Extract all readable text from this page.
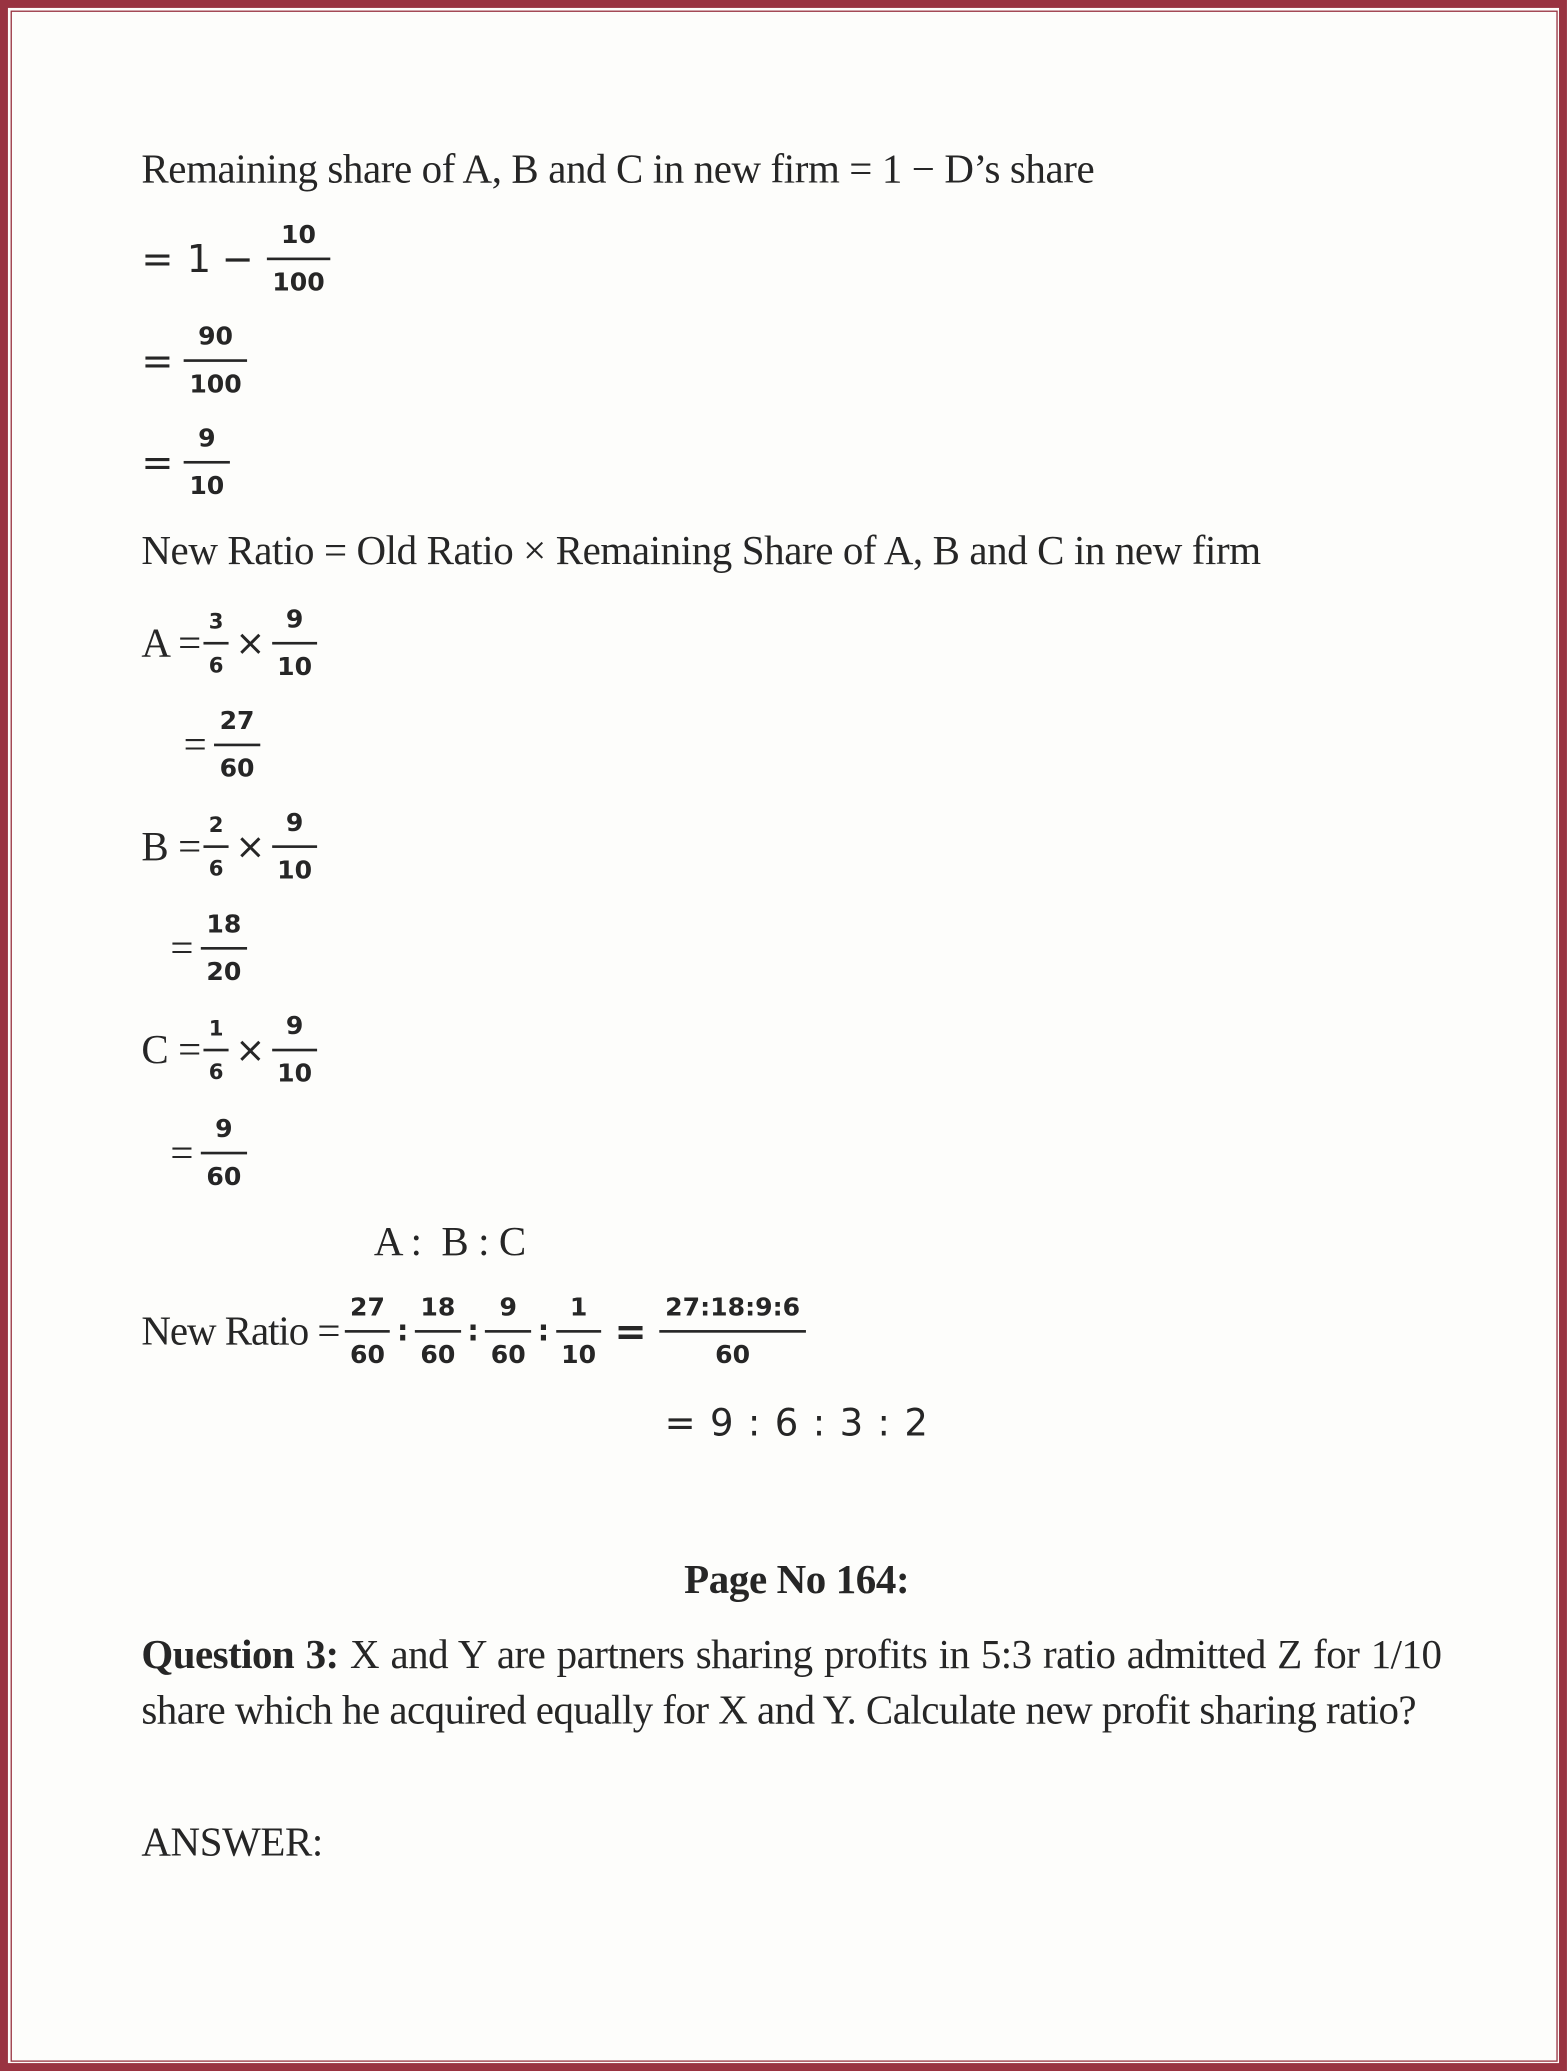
Remaining share of A, B and C in new firm = 1 − D’s share
= $1 - \frac{10}{100}$
= $\frac{90}{100}$
= $\frac{9}{10}$
New Ratio = Old Ratio × Remaining Share of A, B and C in new firm
$A = \frac{3}{6} \times \frac{9}{10}$
= $\frac{27}{60}$
$B = \frac{2}{6} \times \frac{9}{10}$
= $\frac{18}{20}$
$C = \frac{1}{6} \times \frac{9}{10}$
= $\frac{9}{60}$
A :  B : C
New Ratio = $\frac{27}{60}$ : $\frac{18}{60}$ : $\frac{9}{60}$ : $\frac{1}{10} = \frac{27:18:9:6}{60}$
= 9 : 6 : 3 : 2
Page No 164:
Question 3: X and Y are partners sharing profits in 5:3 ratio admitted Z for 1/10 share which he acquired equally for X and Y. Calculate new profit sharing ratio?
ANSWER:
